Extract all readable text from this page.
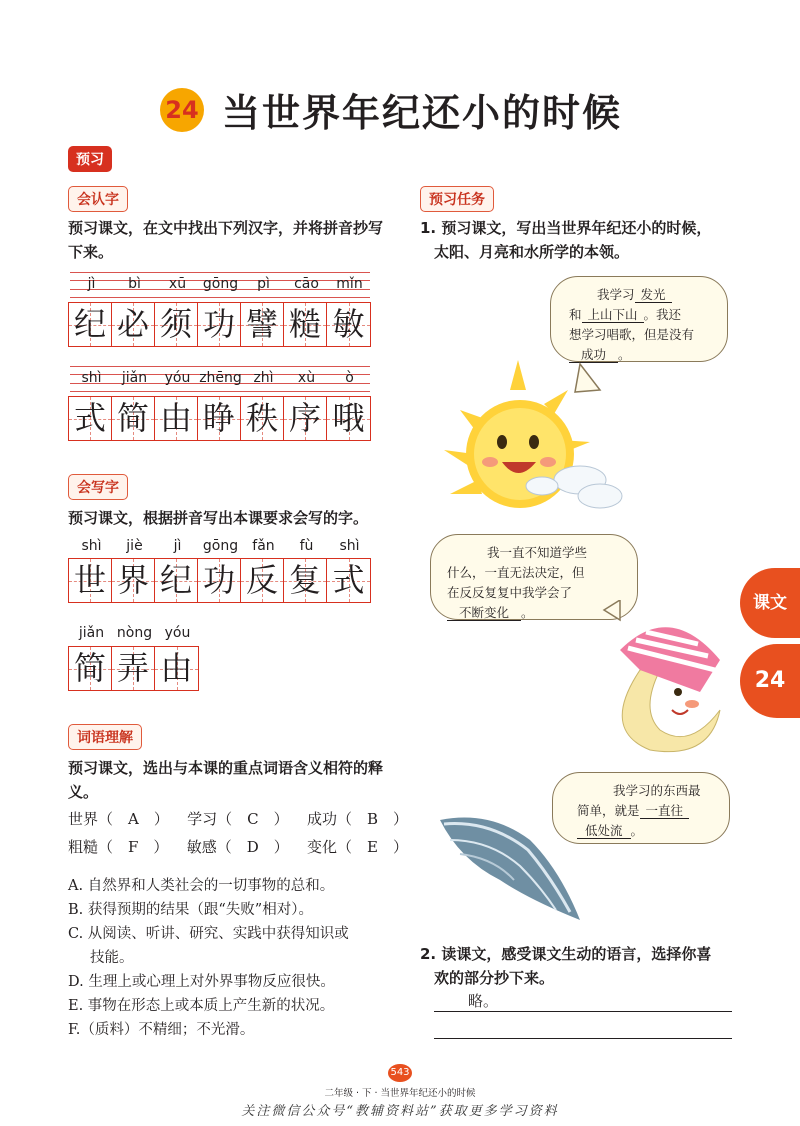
24 当世界年纪还小的时候
预习
会认字
预习课文，在文中找出下列汉字，并将拼音抄写下来。
jì	bì	xū	gōng	pì	cāo	mǐn
纪 必 须 功 譬 糙 敏
shì	jiǎn	yóu zhēng zhì	xù	ò
式 简 由 睁 秩 序 哦
会写字
预习课文，根据拼音写出本课要求会写的字。
shì	jiè	jì	gōng	fǎn	fù	shì
世 界 纪 功 反 复 式
jiǎn nòng yóu
简 弄 由
词语理解
预习课文，选出与本课的重点词语含义相符的释义。
世界（　A　） 学习（　C　） 成功（　B　）
粗糙（　F　） 敏感（　D　） 变化（　E　）
A. 自然界和人类社会的一切事物的总和。
B. 获得预期的结果（跟“失败”相对）。
C. 从阅读、听讲、研究、实践中获得知识或
技能。
D. 生理上或心理上对外界事物反应很快。
E. 事物在形态上或本质上产生新的状况。
F.（质料）不精细；不光滑。
预习任务
1. 预习课文，写出当世界年纪还小的时候，
太阳、月亮和水所学的本领。
我学习 发光
和 上山下山 。我还
想学习唱歌，但是没有
成功 。
我一直不知道学些
什么，一直无法决定，但
在反反复复中我学会了
不断变化 。
我学习的东西最
简单，就是 一直往
低处流 。
2. 读课文，感受课文生动的语言，选择你喜
欢的部分抄下来。
略。
课文
24
543
二年级 · 下 · 当世界年纪还小的时候
关注微信公众号“教辅资料站”获取更多学习资料
